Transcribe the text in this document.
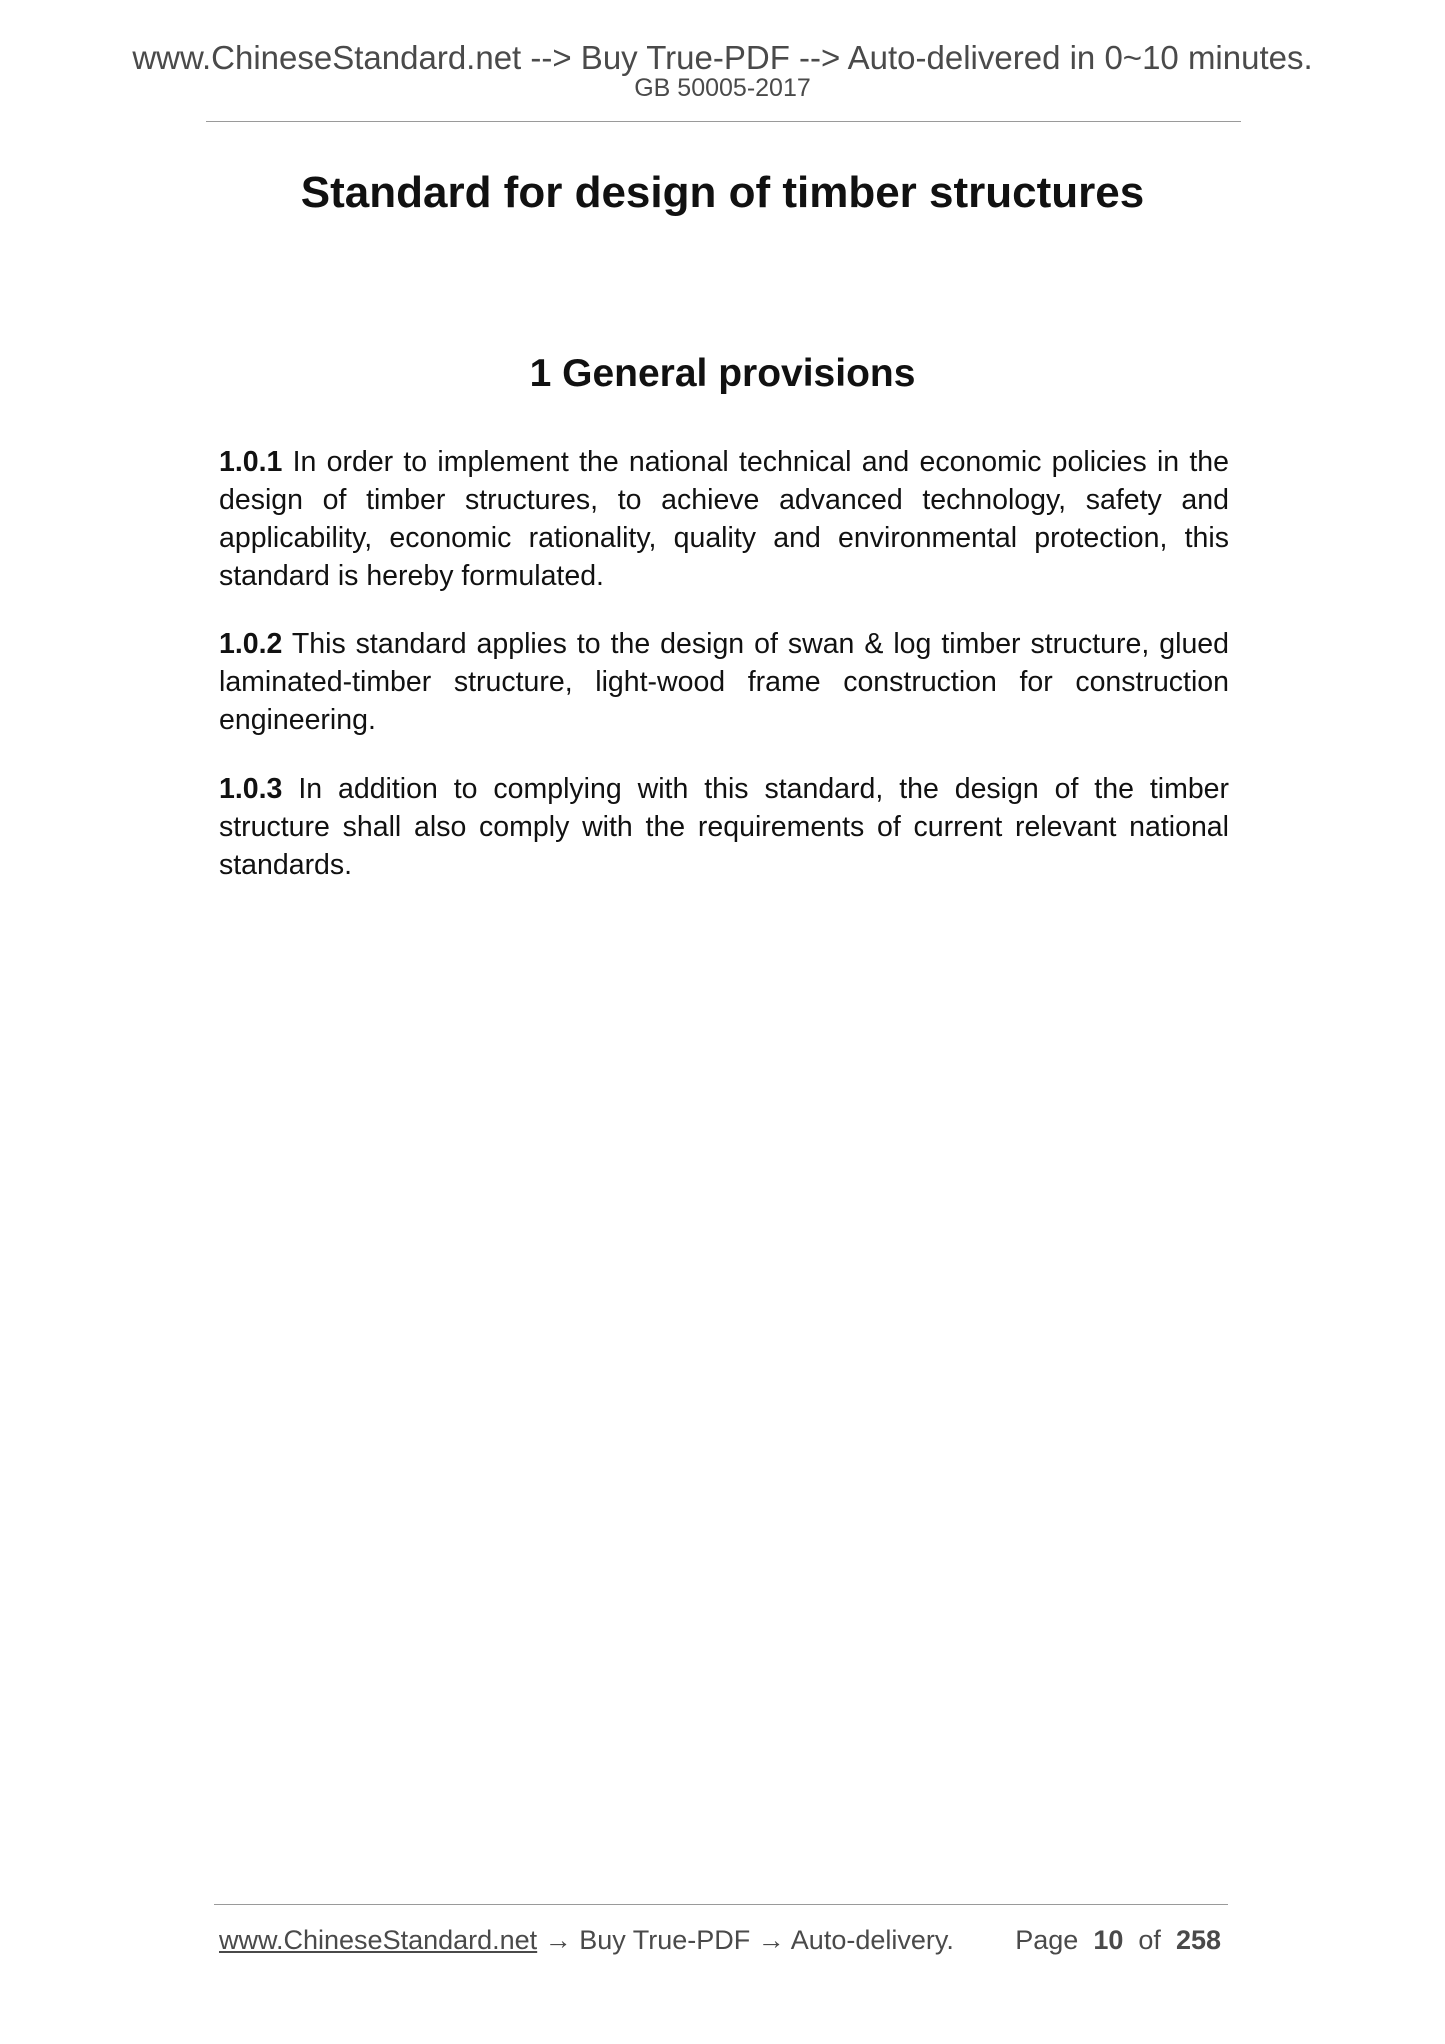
www.ChineseStandard.net --> Buy True-PDF --> Auto-delivered in 0~10 minutes.
GB 50005-2017
Standard for design of timber structures
1 General provisions

1.0.1 In order to implement the national technical and economic policies in the design of timber structures, to achieve advanced technology, safety and applicability, economic rationality, quality and environmental protection, this standard is hereby formulated.

1.0.2 This standard applies to the design of swan & log timber structure, glued laminated-timber structure, light-wood frame construction for construction engineering.

1.0.3 In addition to complying with this standard, the design of the timber structure shall also comply with the requirements of current relevant national standards.

www.ChineseStandard.net → Buy True-PDF → Auto-delivery. Page 10 of 258
